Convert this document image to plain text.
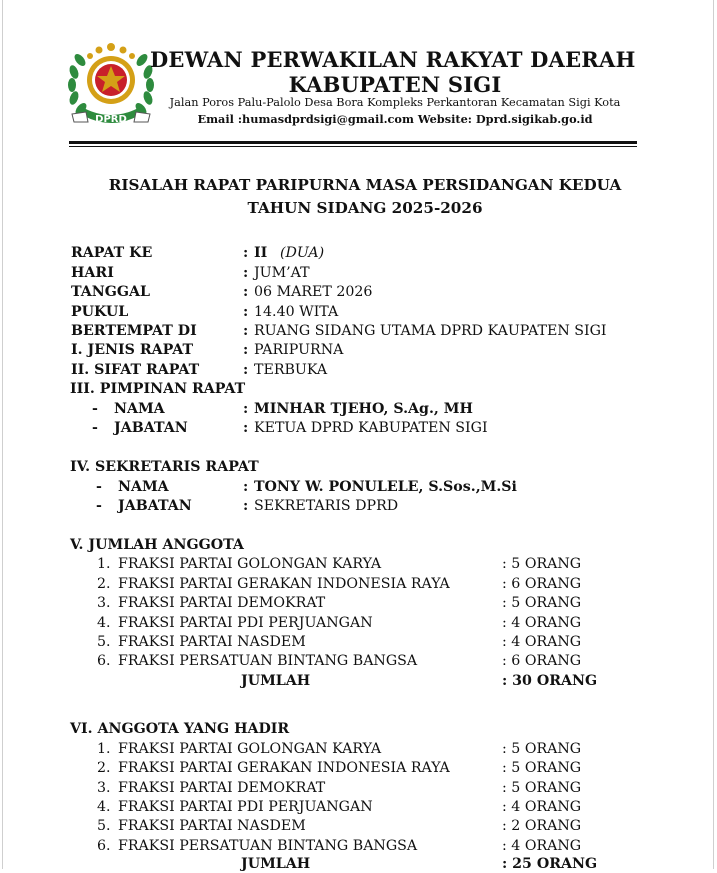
DPRD
DEWAN PERWAKILAN RAKYAT DAERAH
KABUPATEN SIGI
Jalan Poros Palu-Palolo Desa Bora Kompleks Perkantoran Kecamatan Sigi Kota
Email :humasdprdsigi@gmail.com Website: Dprd.sigikab.go.id
RISALAH RAPAT PARIPURNA MASA PERSIDANGAN KEDUA
TAHUN SIDANG 2025-2026
RAPAT KE	: II (DUA)
HARI	: JUM’AT
TANGGAL	: 06 MARET 2026
PUKUL	: 14.40 WITA
BERTEMPAT DI	: RUANG SIDANG UTAMA DPRD KAUPATEN SIGI
I. JENIS RAPAT	: PARIPURNA
II. SIFAT RAPAT	: TERBUKA
III. PIMPINAN RAPAT
- NAMA	: MINHAR TJEHO, S.Ag., MH
- JABATAN	: KETUA DPRD KABUPATEN SIGI
IV. SEKRETARIS RAPAT
- NAMA	: TONY W. PONULELE, S.Sos.,M.Si
- JABATAN	: SEKRETARIS DPRD
V. JUMLAH ANGGOTA
1. FRAKSI PARTAI GOLONGAN KARYA	: 5 ORANG
2. FRAKSI PARTAI GERAKAN INDONESIA RAYA	: 6 ORANG
3. FRAKSI PARTAI DEMOKRAT	: 5 ORANG
4. FRAKSI PARTAI PDI PERJUANGAN	: 4 ORANG
5. FRAKSI PARTAI NASDEM	: 4 ORANG
6. FRAKSI PERSATUAN BINTANG BANGSA	: 6 ORANG
JUMLAH	: 30 ORANG
VI. ANGGOTA YANG HADIR
1. FRAKSI PARTAI GOLONGAN KARYA	: 5 ORANG
2. FRAKSI PARTAI GERAKAN INDONESIA RAYA	: 5 ORANG
3. FRAKSI PARTAI DEMOKRAT	: 5 ORANG
4. FRAKSI PARTAI PDI PERJUANGAN	: 4 ORANG
5. FRAKSI PARTAI NASDEM	: 2 ORANG
6. FRAKSI PERSATUAN BINTANG BANGSA	: 4 ORANG
JUMLAH	: 25 ORANG
